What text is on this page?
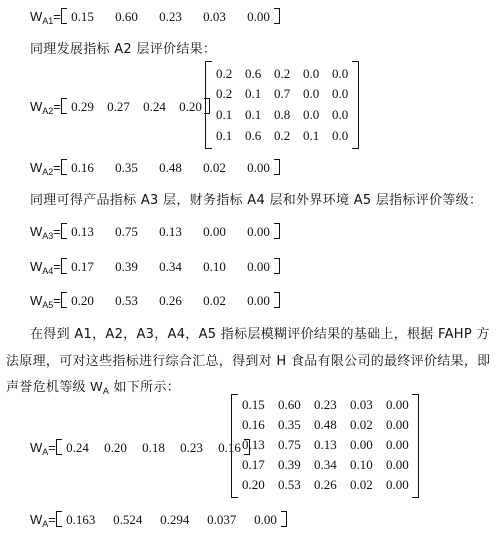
$W_{A1}= 0.15$ 0.60 0.23 0.03 0.00
同理发展指标 A2 层评价结果：
$W_{A2}= 0.29$ 0.27 0.24 0.20
0.2 0.6 0.2 0.0 0.0
0.2 0.1 0.7 0.0 0.0
0.1 0.1 0.8 0.0 0.0
0.1 0.6 0.2 0.1 0.0
$W_{A2}= 0.16$ 0.35 0.48 0.02 0.00
同理可得产品指标 A3 层，财务指标 A4 层和外界环境 A5 层指标评价等级：
$W_{A3}= 0.13$ 0.75 0.13 0.00 0.00
$W_{A4}= 0.17$ 0.39 0.34 0.10 0.00
$W_{A5}= 0.20$ 0.53 0.26 0.02 0.00
在得到 A1，A2，A3，A4，A5 指标层模糊评价结果的基础上，根据 FAHP 方
法原理，可对这些指标进行综合汇总，得到对 H 食品有限公司的最终评价结果，即
声誉危机等级 $W_A$ 如下所示：
$W_A= 0.24$ 0.20 0.18 0.23 0.16
0.15 0.60 0.23 0.03 0.00
0.16 0.35 0.48 0.02 0.00
0.13 0.75 0.13 0.00 0.00
0.17 0.39 0.34 0.10 0.00
0.20 0.53 0.26 0.02 0.00
$W_A= 0.163$ 0.524 0.294 0.037 0.00
